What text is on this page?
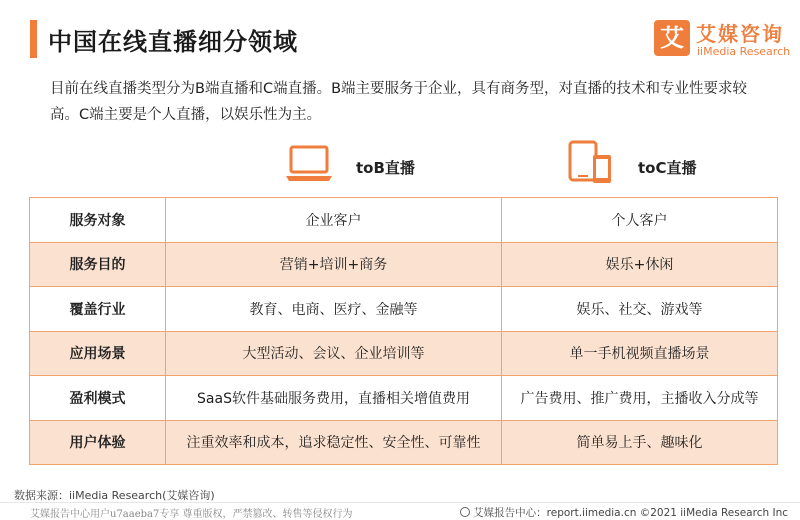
中国在线直播细分领域	艾 艾媒咨询
iiMedia Research
目前在线直播类型分为B端直播和C端直播。B端主要服务于企业，具有商务型，对直播的技术和专业性要求较高。C端主要是个人直播，以娱乐性为主。
toB直播	toC直播
服务对象	企业客户	个人客户
服务目的	营销+培训+商务	娱乐+休闲
覆盖行业	教育、电商、医疗、金融等	娱乐、社交、游戏等
应用场景	大型活动、会议、企业培训等	单一手机视频直播场景
盈利模式	SaaS软件基础服务费用，直播相关增值费用	广告费用、推广费用，主播收入分成等
用户体验	注重效率和成本，追求稳定性、安全性、可靠性	简单易上手、趣味化
数据来源：iiMedia Research(艾媒咨询)
艾媒报告中心用户u7aaeba7专享 尊重版权，严禁篡改、转售等侵权行为	艾媒报告中心：report.iimedia.cn ©2021 iiMedia Research Inc
